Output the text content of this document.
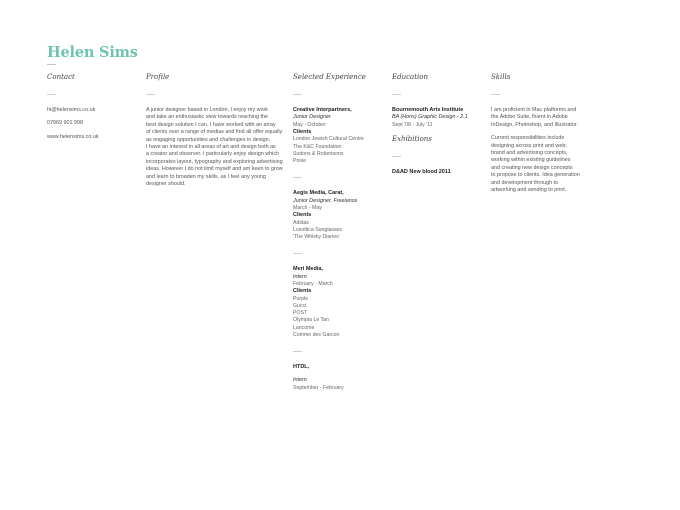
Helen Sims

Contact

hi@helensims.co.uk
07969 901 998
www.helensims.co.uk

Profile

A junior designer based in London, I enjoy my work
and take an enthusiastic view towards reaching the
best design solution I can. I have worked with an array
of clients over a range of medias and find all offer equally
as engaging opportunities and challenges in design.
I have an interest in all areas of art and design both as
a creator and observer. I particularly enjoy design which
incorporates layout, typography and exploring advertising
ideas. However I do not limit myself and am keen to grow
and learn to broaden my skills, as I feel any young designer should.

Selected Experience

Creative Interpartners,
Junior Designer
May - October
Clients
London Jewish Cultural Centre
The K&C Foundation
Suttons & Robertsons
Posie
Aegis Media, Carat,
Junior Designer, Freelance
March - May
Clients
Adidas
Luxottica Sunglasses
'The Whisky Diaries'
Meri Media,
Intern
February - March
Clients
Purple
Gucci
POST
Olympia Le Tan
Lancome
Comme des Garcon
HTDL,
Intern
September - February

Education

Bournemouth Arts Institute
BA (Hons) Graphic Design - 2.1
Sept '08 - July '11

Exhibitions

D&AD New blood 2011

Skills

I am proficient in Mac platforms and
the Adobe Suite, fluent in Adobe
InDesign, Photoshop, and Illustrator.
Current responsibilities include
designing across print and web;
brand and advertising concepts,
working within existing guidelines
and creating new design concepts
to propose to clients. Idea generation
and development through to
artworking and sending to print.
